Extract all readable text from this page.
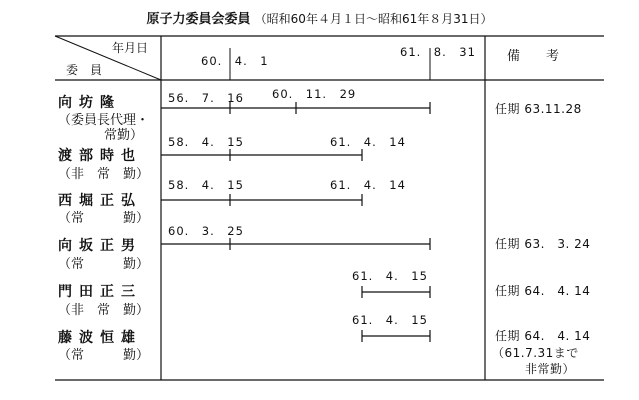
原子力委員会委員 （昭和60年４月１日～昭和61年８月31日）
年月日
委　員
60.　4.　1
61.　8.　31 備　　考
向坊隆
（委員長代理・
常勤）
56.　7.　16 60.　11.　29
任期 63.11.28
渡部時也
（非　常　勤）
58.　4.　15	61.　4.　14
西堀正弘
（常　　　勤）
58.　4.　15	61.　4.　14
向坂正男
（常　　　勤）
60.　3.　25
任期 63.　3. 24
門田正三
（非　常　勤）
61.　4.　15
任期 64.　4. 14
藤波恒雄
（常　　　勤）
61.　4.　15
任期 64.　4. 14
（61.7.31まで
非常勤）
